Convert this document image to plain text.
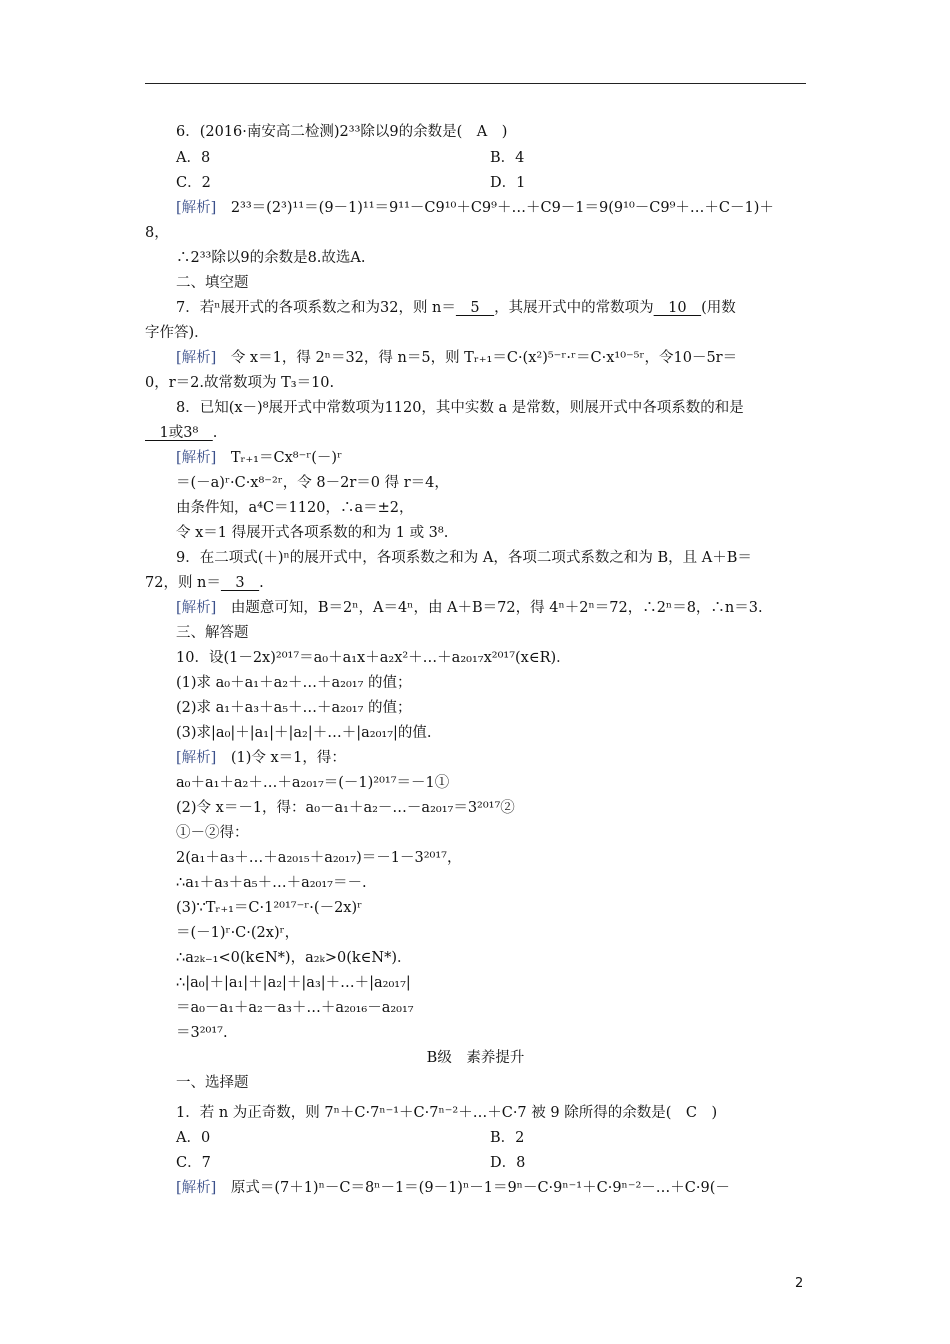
6．(2016·南安高二检测)2³³除以9的余数是(　A　)
A．8	B．4
C．2	D．1
[解析]　2³³＝(2³)¹¹＝(9－1)¹¹＝9¹¹－C9¹⁰＋C9⁹＋…＋C9－1＝9(9¹⁰－C9⁹＋…＋C－1)＋
8，
∴2³³除以9的余数是8.故选A.
二、填空题
7．若ⁿ展开式的各项系数之和为32，则 n＝　5　，其展开式中的常数项为　10　(用数
字作答)．
[解析]　令 x＝1，得 2ⁿ＝32，得 n＝5，则 Tᵣ₊₁＝C·(x²)⁵⁻ʳ·ʳ＝C·x¹⁰⁻⁵ʳ，令10－5r＝
0，r＝2.故常数项为 T₃＝10.
8．已知(x－)⁸展开式中常数项为1120，其中实数 a 是常数，则展开式中各项系数的和是
　1或3⁸　.
[解析]　Tᵣ₊₁＝Cx⁸⁻ʳ(－)ʳ
＝(－a)ʳ·C·x⁸⁻²ʳ，令 8－2r＝0 得 r＝4，
由条件知，a⁴C＝1120，∴a＝±2，
令 x＝1 得展开式各项系数的和为 1 或 3⁸.
9．在二项式(＋)ⁿ的展开式中，各项系数之和为 A，各项二项式系数之和为 B，且 A＋B＝
72，则 n＝　3　.
[解析]　由题意可知，B＝2ⁿ，A＝4ⁿ，由 A＋B＝72，得 4ⁿ＋2ⁿ＝72，∴2ⁿ＝8，∴n＝3.
三、解答题
10．设(1－2x)²⁰¹⁷＝a₀＋a₁x＋a₂x²＋…＋a₂₀₁₇x²⁰¹⁷(x∈R)．
(1)求 a₀＋a₁＋a₂＋…＋a₂₀₁₇ 的值；
(2)求 a₁＋a₃＋a₅＋…＋a₂₀₁₇ 的值；
(3)求|a₀|＋|a₁|＋|a₂|＋…＋|a₂₀₁₇|的值.
[解析]　(1)令 x＝1，得：
a₀＋a₁＋a₂＋…＋a₂₀₁₇＝(－1)²⁰¹⁷＝－1①
(2)令 x＝－1，得：a₀－a₁＋a₂－…－a₂₀₁₇＝3²⁰¹⁷②
①－②得：
2(a₁＋a₃＋…＋a₂₀₁₅＋a₂₀₁₇)＝－1－3²⁰¹⁷，
∴a₁＋a₃＋a₅＋…＋a₂₀₁₇＝－.
(3)∵Tᵣ₊₁＝C·1²⁰¹⁷⁻ʳ·(－2x)ʳ
＝(－1)ʳ·C·(2x)ʳ，
∴a₂ₖ₋₁<0(k∈N*)，a₂ₖ>0(k∈N*)．
∴|a₀|＋|a₁|＋|a₂|＋|a₃|＋…＋|a₂₀₁₇|
＝a₀－a₁＋a₂－a₃＋…＋a₂₀₁₆－a₂₀₁₇
＝3²⁰¹⁷.
B级　素养提升
一、选择题
1．若 n 为正奇数，则 7ⁿ＋C·7ⁿ⁻¹＋C·7ⁿ⁻²＋…＋C·7 被 9 除所得的余数是(　C　)
A．0	B．2
C．7	D．8
[解析]　原式＝(7＋1)ⁿ－C＝8ⁿ－1＝(9－1)ⁿ－1＝9ⁿ－C·9ⁿ⁻¹＋C·9ⁿ⁻²－…＋C·9(－
2
